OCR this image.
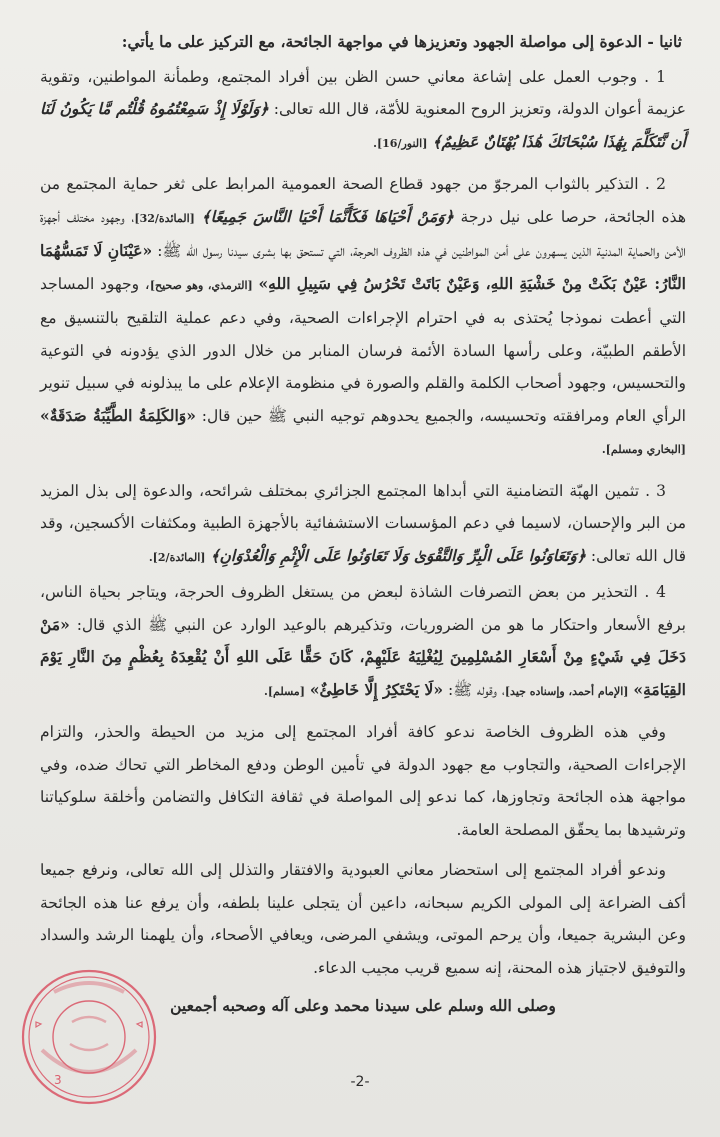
ثانيا - الدعوة إلى مواصلة الجهود وتعزيزها في مواجهة الجائحة، مع التركيز على ما يأتي:

1 . وجوب العمل على إشاعة معاني حسن الظن بين أفراد المجتمع، وطمأنة المواطنين، وتقوية عزيمة أعوان الدولة، وتعزيز الروح المعنوية للأمّة، قال الله تعالى: ﴿وَلَوْلَا إِذْ سَمِعْتُمُوهُ قُلْتُم مَّا يَكُونُ لَنَا أَن نَّتَكَلَّمَ بِهَٰذَا سُبْحَانَكَ هَٰذَا بُهْتَانٌ عَظِيمٌ﴾ [النور/16].

2 . التذكير بالثواب المرجوّ من جهود قطاع الصحة العمومية المرابط على ثغر حماية المجتمع من هذه الجائحة، حرصا على نيل درجة ﴿وَمَنْ أَحْيَاهَا فَكَأَنَّمَا أَحْيَا النَّاسَ جَمِيعًا﴾ [المائدة/32]، وجهود مختلف أجهزة الأمن والحماية المدنية الذين يسهرون على أمن المواطنين في هذه الظروف الحرجة، التي تستحق بها بشرى سيدنا رسول الله ﷺ: «عَيْنَانِ لَا تَمَسُّهُمَا النَّارُ: عَيْنٌ بَكَتْ مِنْ خَشْيَةِ اللهِ، وَعَيْنٌ بَاتَتْ تَحْرُسُ فِي سَبِيلِ اللهِ» [الترمذي، وهو صحيح]، وجهود المساجد التي أعطت نموذجا يُحتذى به في احترام الإجراءات الصحية، وفي دعم عملية التلقيح بالتنسيق مع الأطقم الطبيّة، وعلى رأسها السادة الأئمة فرسان المنابر من خلال الدور الذي يؤدونه في التوعية والتحسيس، وجهود أصحاب الكلمة والقلم والصورة في منظومة الإعلام على ما يبذلونه في سبيل تنوير الرأي العام ومرافقته وتحسيسه، والجميع يحدوهم توجيه النبي ﷺ حين قال: «وَالكَلِمَةُ الطَّيِّبَةُ صَدَقَةٌ» [البخاري ومسلم].

3 . تثمين الهبّة التضامنية التي أبداها المجتمع الجزائري بمختلف شرائحه، والدعوة إلى بذل المزيد من البر والإحسان، لاسيما في دعم المؤسسات الاستشفائية بالأجهزة الطبية ومكثفات الأكسجين، وقد قال الله تعالى: ﴿وَتَعَاوَنُوا عَلَى الْبِرِّ وَالتَّقْوَىٰ وَلَا تَعَاوَنُوا عَلَى الْإِثْمِ وَالْعُدْوَانِ﴾ [المائدة/2].

4 . التحذير من بعض التصرفات الشاذة لبعض من يستغل الظروف الحرجة، ويتاجر بحياة الناس، برفع الأسعار واحتكار ما هو من الضروريات، وتذكيرهم بالوعيد الوارد عن النبي ﷺ الذي قال: «مَنْ دَخَلَ فِي شَيْءٍ مِنْ أَسْعَارِ المُسْلِمِينَ لِيُغْلِيَهُ عَلَيْهِمْ، كَانَ حَقًّا عَلَى اللهِ أَنْ يُقْعِدَهُ بِعُظْمٍ مِنَ النَّارِ يَوْمَ القِيَامَةِ» [الإمام أحمد، وإسناده جيد]، وقوله ﷺ: «لَا يَحْتَكِرُ إِلَّا خَاطِئٌ» [مسلم].

وفي هذه الظروف الخاصة ندعو كافة أفراد المجتمع إلى مزيد من الحيطة والحذر، والتزام الإجراءات الصحية، والتجاوب مع جهود الدولة في تأمين الوطن ودفع المخاطر التي تحاك ضده، وفي مواجهة هذه الجائحة وتجاوزها، كما ندعو إلى المواصلة في ثقافة التكافل والتضامن وأخلقة سلوكياتنا وترشيدها بما يحقّق المصلحة العامة.

وندعو أفراد المجتمع إلى استحضار معاني العبودية والافتقار والتذلل إلى الله تعالى، ونرفع جميعا أكف الضراعة إلى المولى الكريم سبحانه، داعين أن يتجلى علينا بلطفه، وأن يرفع عنا هذه الجائحة وعن البشرية جميعا، وأن يرحم الموتى، ويشفي المرضى، ويعافي الأصحاء، وأن يلهمنا الرشد والسداد والتوفيق لاجتياز هذه المحنة، إنه سميع قريب مجيب الدعاء.

وصلى الله وسلم على سيدنا محمد وعلى آله وصحبه أجمعين

3	-2-
